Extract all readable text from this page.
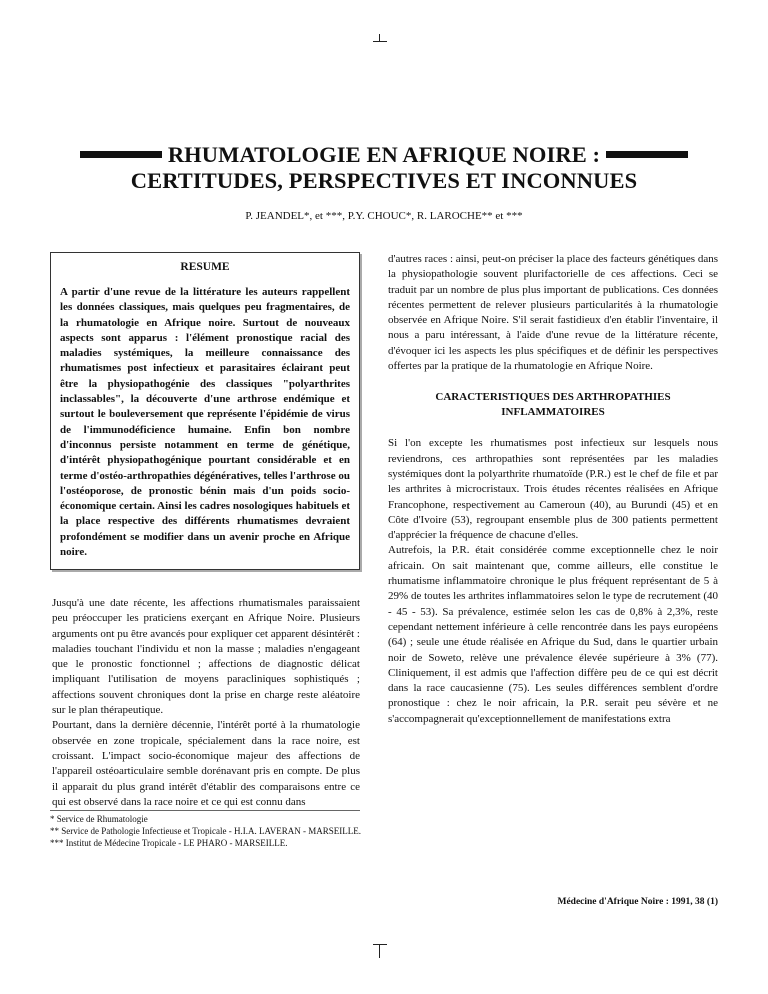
RHUMATOLOGIE EN AFRIQUE NOIRE :
CERTITUDES, PERSPECTIVES ET INCONNUES
P. JEANDEL*, et ***, P.Y. CHOUC*, R. LAROCHE** et ***
RESUME

A partir d'une revue de la littérature les auteurs rappellent les données classiques, mais quelques peu fragmentaires, de la rhumatologie en Afrique noire. Surtout de nouveaux aspects sont apparus : l'élément pronostique racial des maladies systémiques, la meilleure connaissance des rhumatismes post infectieux et parasitaires éclairant peut être la physiopathogénie des classiques "polyarthrites inclassables", la découverte d'une arthrose endémique et surtout le bouleversement que représente l'épidémie de virus de l'immunodéficience humaine. Enfin bon nombre d'inconnus persiste notamment en terme de génétique, d'intérêt physiopathogénique pourtant considérable et en terme d'ostéo-arthropathies dégénératives, telles l'arthrose ou l'ostéoporose, de pronostic bénin mais d'un poids socio-économique certain. Ainsi les cadres nosologiques habituels et la place respective des différents rhumatismes devraient profondément se modifier dans un avenir proche en Afrique noire.

Jusqu'à une date récente, les affections rhumatismales paraissaient peu préoccuper les praticiens exerçant en Afrique Noire. Plusieurs arguments ont pu être avancés pour expliquer cet apparent désintérêt : maladies touchant l'individu et non la masse ; maladies n'engageant que le pronostic fonctionnel ; affections de diagnostic délicat impliquant l'utilisation de moyens paracliniques sophistiqués ; affections souvent chroniques dont la prise en charge reste aléatoire sur le plan thérapeutique.

Pourtant, dans la dernière décennie, l'intérêt porté à la rhumatologie observée en zone tropicale, spécialement dans la race noire, est croissant. L'impact socio-économique majeur des affections de l'appareil ostéoarticulaire semble dorénavant pris en compte. De plus il apparait du plus grand intérêt d'établir des comparaisons entre ce qui est observé dans la race noire et ce qui est connu dans

d'autres races : ainsi, peut-on préciser la place des facteurs génétiques dans la physiopathologie souvent plurifactorielle de ces affections. Ceci se traduit par un nombre de plus plus important de publications. Ces données récentes permettent de relever plusieurs particularités à la rhumatologie observée en Afrique Noire. S'il serait fastidieux d'en établir l'inventaire, il nous a paru intéressant, à l'aide d'une revue de la littérature récente, d'évoquer ici les aspects les plus spécifiques et de définir les perspectives offertes par la pratique de la rhumatologie en Afrique Noire.

CARACTERISTIQUES DES ARTHROPATHIES
INFLAMMATOIRES

Si l'on excepte les rhumatismes post infectieux sur lesquels nous reviendrons, ces arthropathies sont représentées par les maladies systémiques dont la polyarthrite rhumatoïde (P.R.) est le chef de file et par les arthrites à microcristaux. Trois études récentes réalisées en Afrique Francophone, respectivement au Cameroun (40), au Burundi (45) et en Côte d'Ivoire (53), regroupant ensemble plus de 300 patients permettent d'apprécier la fréquence de chacune d'elles.

Autrefois, la P.R. était considérée comme exceptionnelle chez le noir africain. On sait maintenant que, comme ailleurs, elle constitue le rhumatisme inflammatoire chronique le plus fréquent représentant de 5 à 29% de toutes les arthrites inflammatoires selon le type de recrutement (40 - 45 - 53). Sa prévalence, estimée selon les cas de 0,8% à 2,3%, reste cependant nettement inférieure à celle rencontrée dans les pays européens (64) ; seule une étude réalisée en Afrique du Sud, dans le quartier urbain noir de Soweto, relève une prévalence élevée supérieure à 3% (77). Cliniquement, il est admis que l'affection diffère peu de ce qui est décrit dans la race caucasienne (75). Les seules différences semblent d'ordre pronostique : chez le noir africain, la P.R. serait peu sévère et ne s'accompagnerait qu'exceptionnellement de manifestations extra

* Service de Rhumatologie
** Service de Pathologie Infectieuse et Tropicale - H.I.A. LAVERAN - MARSEILLE.
*** Institut de Médecine Tropicale - LE PHARO - MARSEILLE.
Médecine d'Afrique Noire : 1991, 38 (1)
